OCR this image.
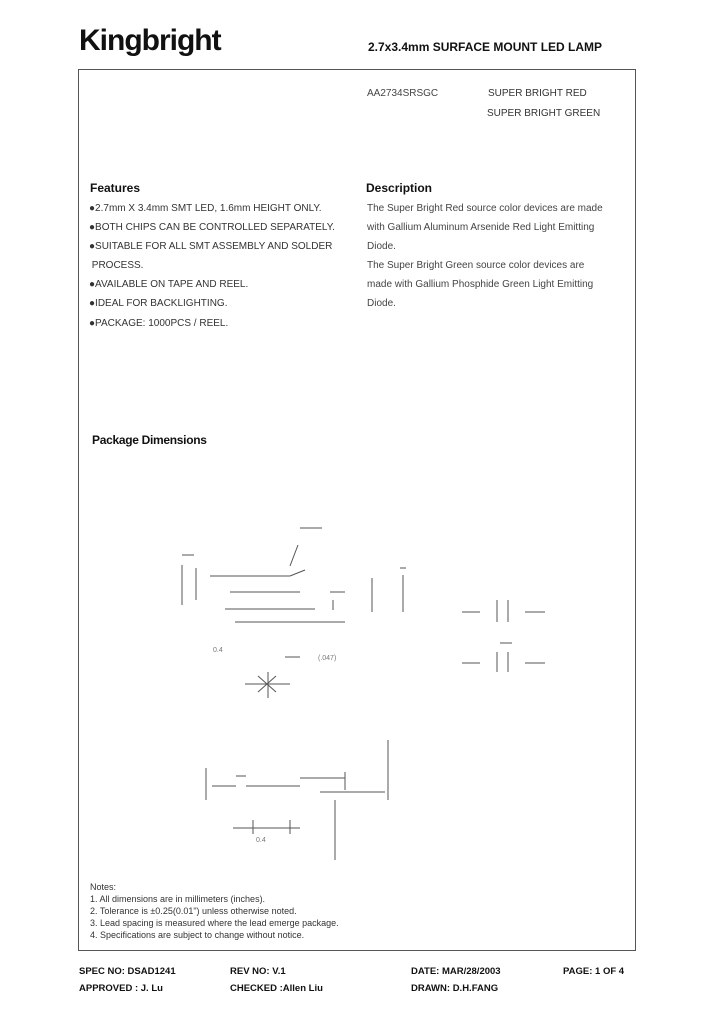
Kingbright	2.7x3.4mm SURFACE MOUNT LED LAMP
AA2734SRSGC	SUPER BRIGHT RED
SUPER BRIGHT GREEN
Features
●2.7mm X 3.4mm SMT LED, 1.6mm HEIGHT ONLY.
●BOTH CHIPS CAN BE CONTROLLED SEPARATELY.
●SUITABLE FOR ALL SMT ASSEMBLY AND SOLDER
PROCESS.
●AVAILABLE ON TAPE AND REEL.
●IDEAL FOR BACKLIGHTING.
●PACKAGE: 1000PCS / REEL.
Description
The Super Bright Red source color devices are made
with Gallium Aluminum Arsenide Red Light Emitting
Diode.
The Super Bright Green source color devices are
made with Gallium Phosphide Green Light Emitting
Diode.
Package Dimensions
0.4
(.047)
0.4
Notes:
1. All dimensions are in millimeters (inches).
2. Tolerance is ±0.25(0.01") unless otherwise noted.
3. Lead spacing is measured where the lead emerge package.
4. Specifications are subject to change without notice.
SPEC NO: DSAD1241	REV NO: V.1	DATE: MAR/28/2003	PAGE: 1 OF 4
APPROVED : J. Lu	CHECKED :Allen Liu	DRAWN: D.H.FANG
